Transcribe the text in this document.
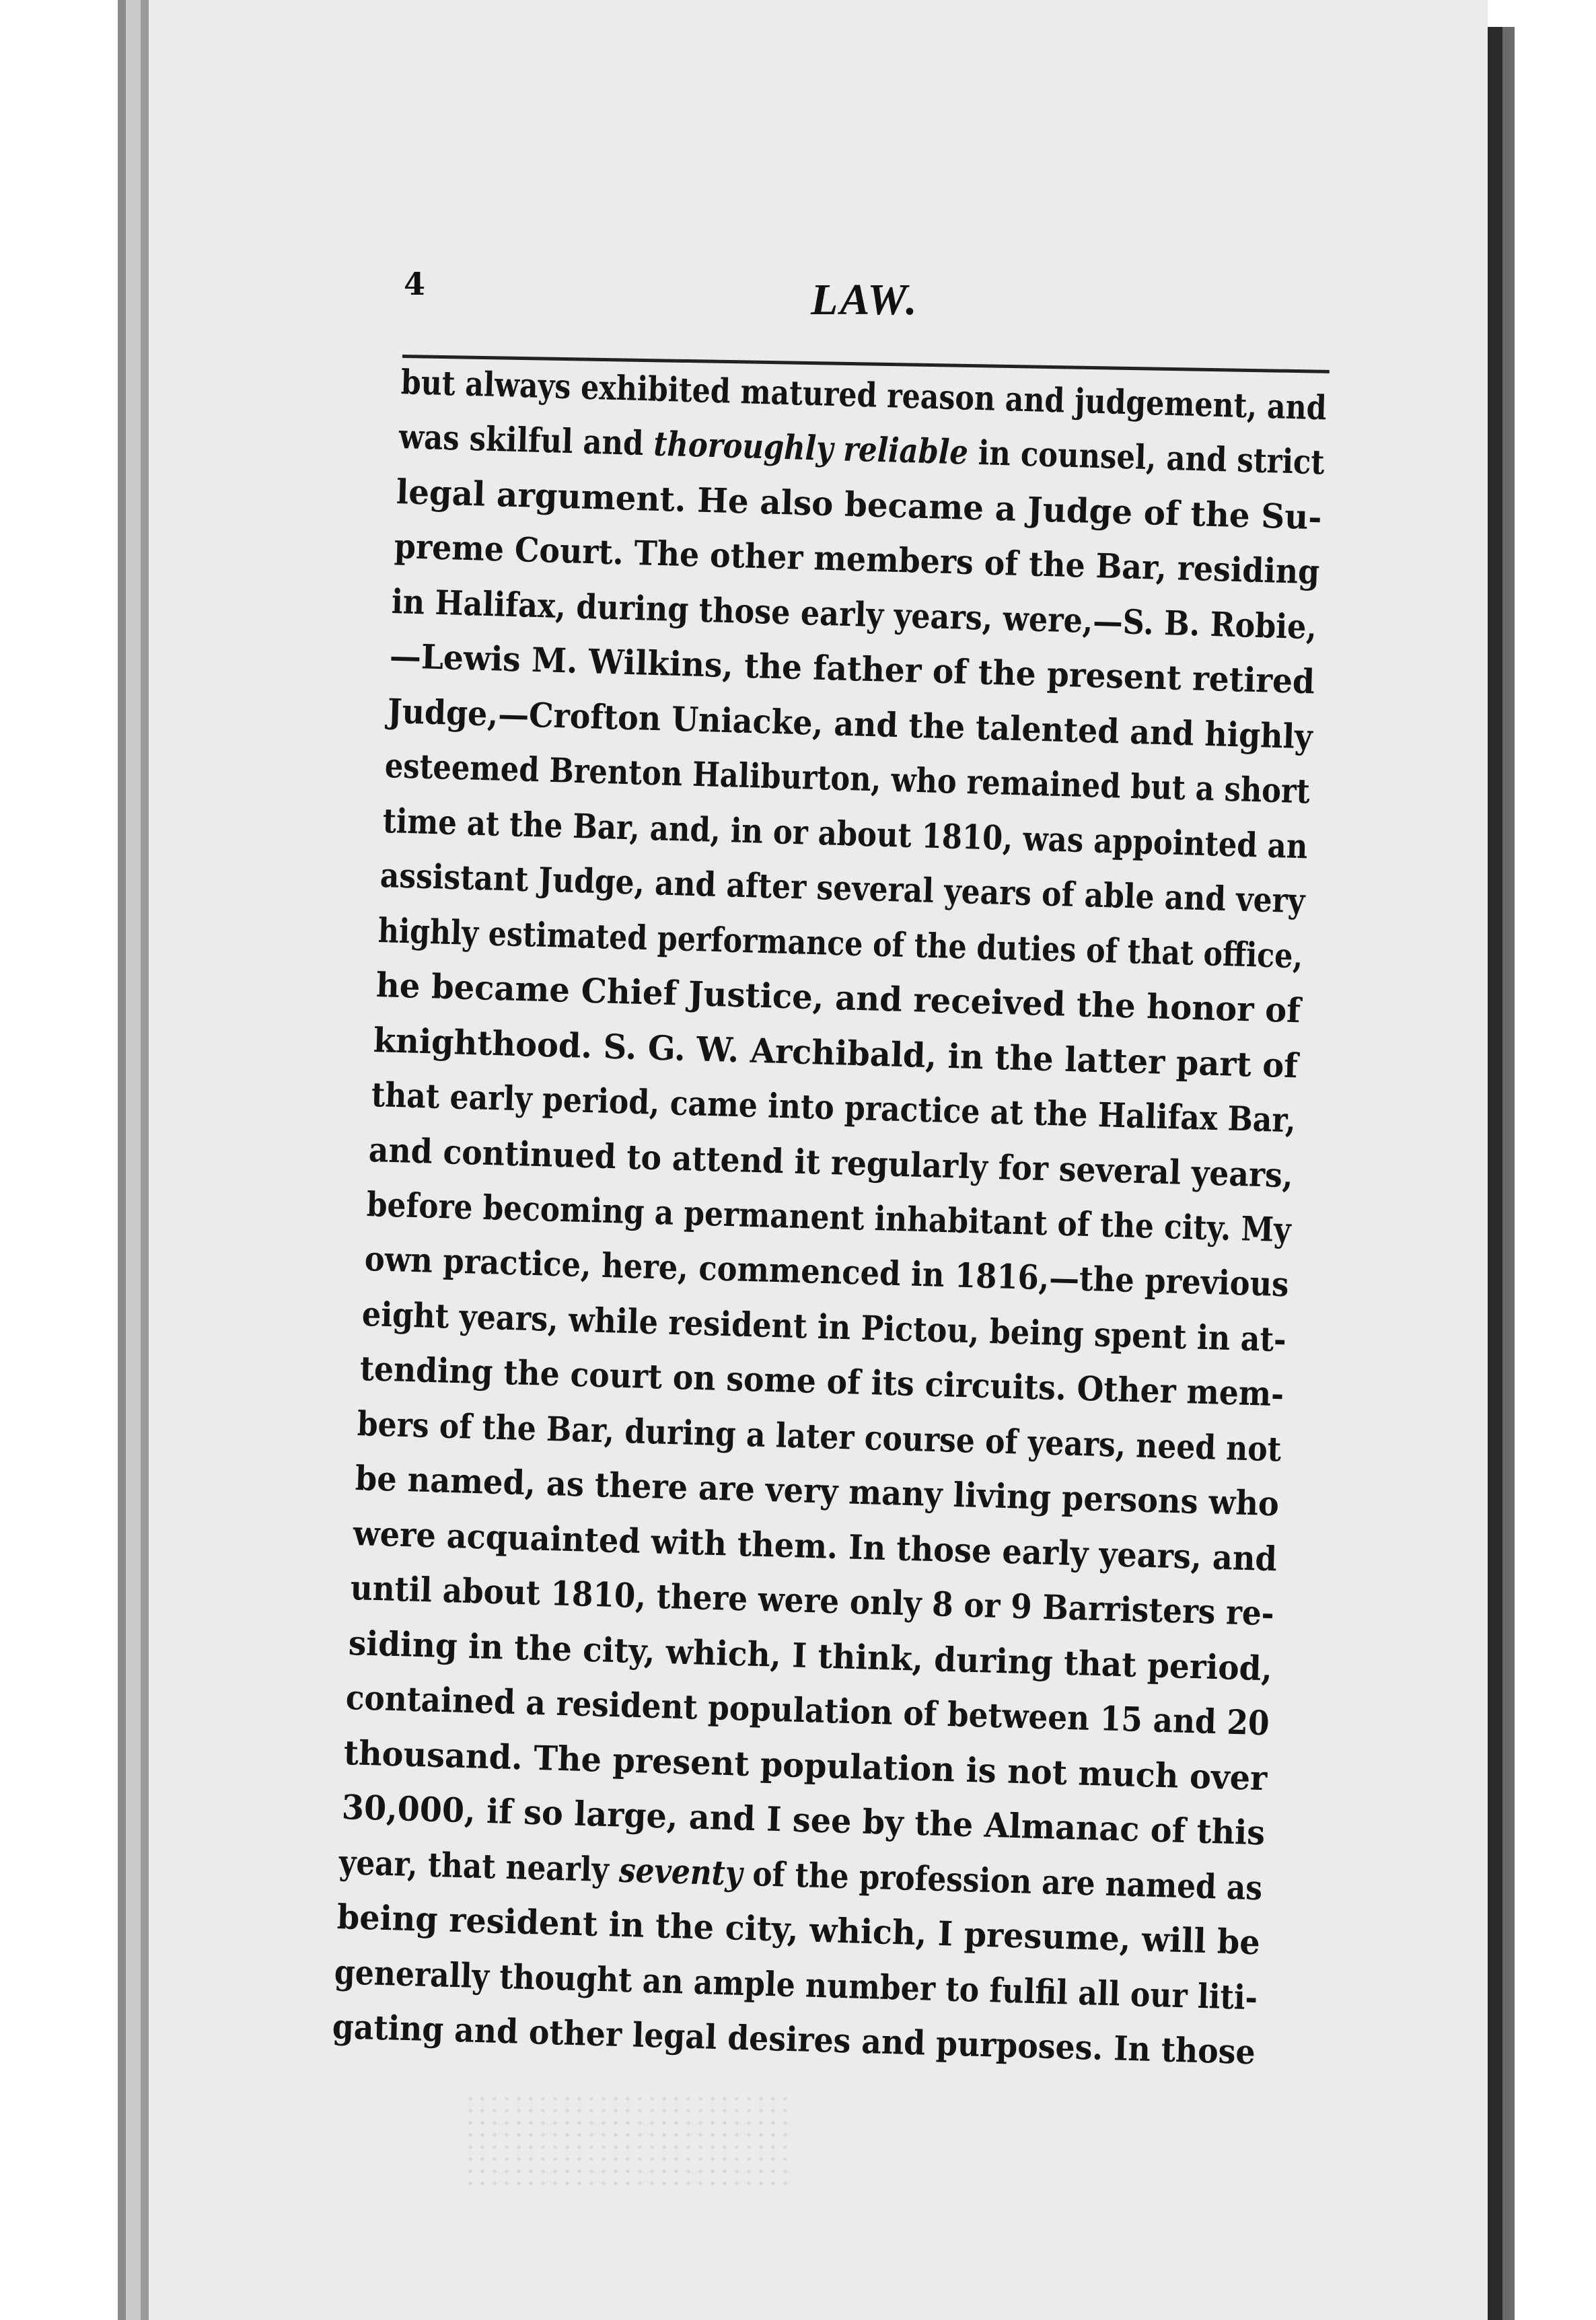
4	LAW.
but always exhibited matured reason and judgement, and
was skilful and thoroughly reliable in counsel, and strict
legal argument. He also became a Judge of the Su-
preme Court. The other members of the Bar, residing
in Halifax, during those early years, were,—S. B. Robie,
—Lewis M. Wilkins, the father of the present retired
Judge,—Crofton Uniacke, and the talented and highly
esteemed Brenton Haliburton, who remained but a short
time at the Bar, and, in or about 1810, was appointed an
assistant Judge, and after several years of able and very
highly estimated performance of the duties of that office,
he became Chief Justice, and received the honor of
knighthood. S. G. W. Archibald, in the latter part of
that early period, came into practice at the Halifax Bar,
and continued to attend it regularly for several years,
before becoming a permanent inhabitant of the city. My
own practice, here, commenced in 1816,—the previous
eight years, while resident in Pictou, being spent in at-
tending the court on some of its circuits. Other mem-
bers of the Bar, during a later course of years, need not
be named, as there are very many living persons who
were acquainted with them. In those early years, and
until about 1810, there were only 8 or 9 Barristers re-
siding in the city, which, I think, during that period,
contained a resident population of between 15 and 20
thousand. The present population is not much over
30,000, if so large, and I see by the Almanac of this
year, that nearly seventy of the profession are named as
being resident in the city, which, I presume, will be
generally thought an ample number to fulfil all our liti-
gating and other legal desires and purposes. In those
